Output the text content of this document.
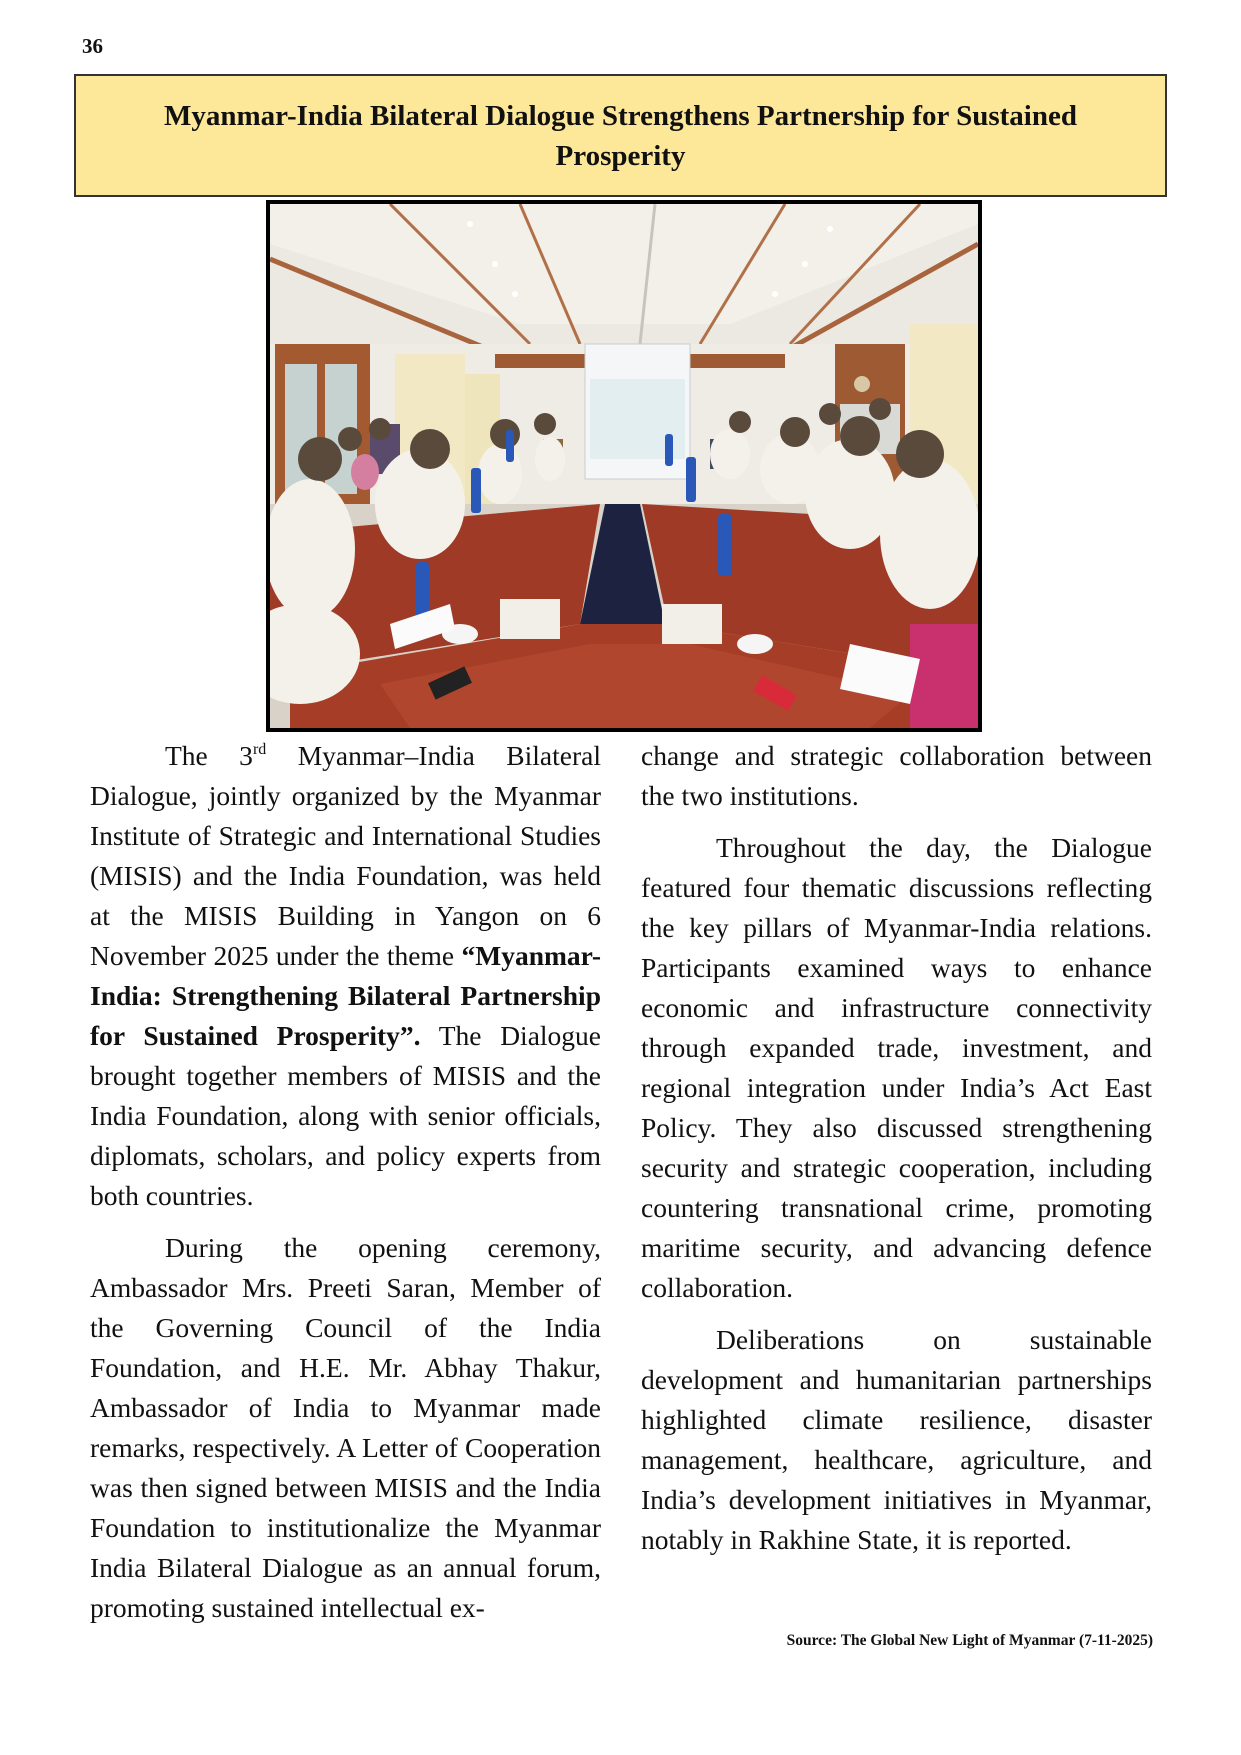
36
Myanmar-India Bilateral Dialogue Strengthens Partnership for Sustained Prosperity

The 3rd Myanmar–India Bilateral Dialogue, jointly organized by the Myanmar Institute of Strategic and International Studies (MISIS) and the India Foundation, was held at the MISIS Building in Yangon on 6 November 2025 under the theme “Myanmar-India: Strengthening Bilateral Partnership for Sustained Prosperity”. The Dialogue brought together members of MISIS and the India Foundation, along with senior officials, diplomats, scholars, and policy experts from both countries.

During the opening ceremony, Ambassador Mrs. Preeti Saran, Member of the Governing Council of the India Foundation, and H.E. Mr. Abhay Thakur, Ambassador of India to Myanmar made remarks, respectively. A Letter of Cooperation was then signed between MISIS and the India Foundation to institutionalize the Myanmar India Bilateral Dialogue as an annual forum, promoting sustained intellectual ex-

change and strategic collaboration between the two institutions.

Throughout the day, the Dialogue featured four thematic discussions reflecting the key pillars of Myanmar-India relations. Participants examined ways to enhance economic and infrastructure connectivity through expanded trade, investment, and regional integration under India’s Act East Policy. They also discussed strengthening security and strategic cooperation, including countering transnational crime, promoting maritime security, and advancing defence collaboration.

Deliberations on sustainable development and humanitarian partnerships highlighted climate resilience, disaster management, healthcare, agriculture, and India’s development initiatives in Myanmar, notably in Rakhine State, it is reported.

Source: The Global New Light of Myanmar (7-11-2025)
